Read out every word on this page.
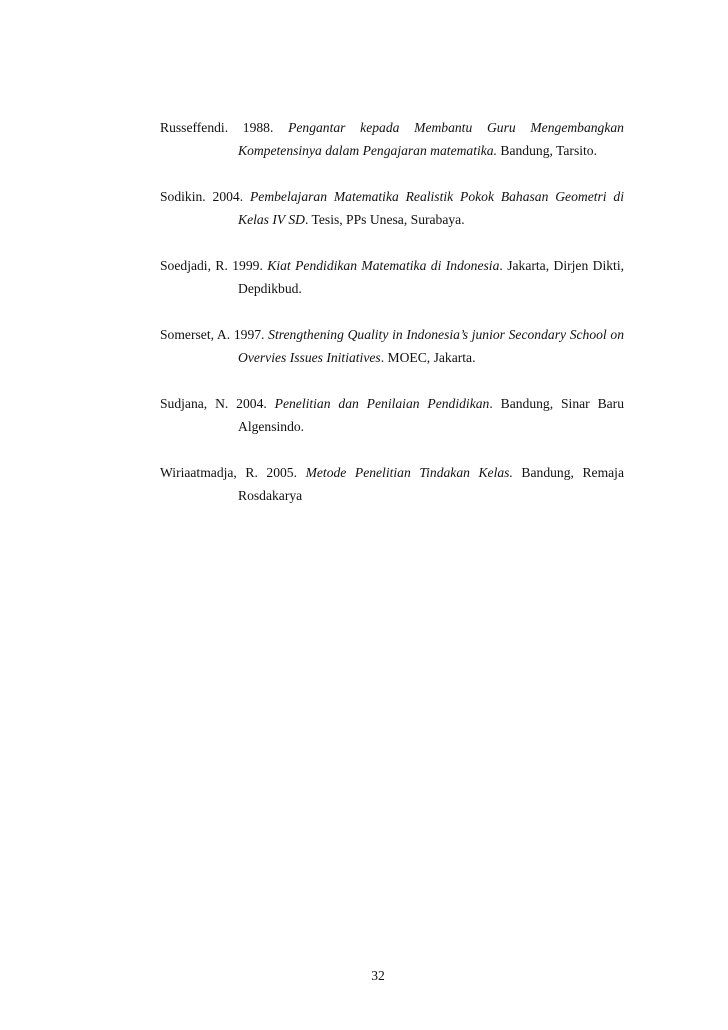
Russeffendi. 1988. Pengantar kepada Membantu Guru Mengembangkan Kompetensinya dalam Pengajaran matematika. Bandung, Tarsito.

Sodikin. 2004. Pembelajaran Matematika Realistik Pokok Bahasan Geometri di Kelas IV SD. Tesis, PPs Unesa, Surabaya.

Soedjadi, R. 1999. Kiat Pendidikan Matematika di Indonesia. Jakarta, Dirjen Dikti, Depdikbud.

Somerset, A. 1997. Strengthening Quality in Indonesia’s junior Secondary School on Overvies Issues Initiatives. MOEC, Jakarta.

Sudjana, N. 2004. Penelitian dan Penilaian Pendidikan. Bandung, Sinar Baru Algensindo.

Wiriaatmadja, R. 2005. Metode Penelitian Tindakan Kelas. Bandung, Remaja Rosdakarya

32
